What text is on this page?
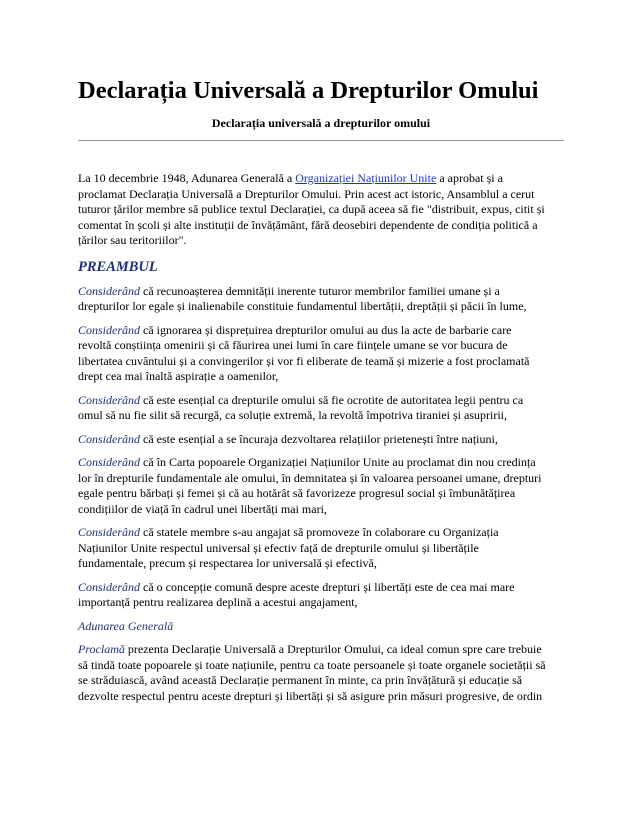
Declarația Universală a Drepturilor Omului
Declarația universală a drepturilor omului
La 10 decembrie 1948, Adunarea Generală a Organizației Națiunilor Unite a aprobat și a
proclamat Declarația Universală a Drepturilor Omului. Prin acest act istoric, Ansamblul a cerut
tuturor țărilor membre să publice textul Declarației, ca după aceea să fie "distribuit, expus, citit și
comentat în școli și alte instituții de învățământ, fără deosebiri dependente de condiția politică a
țărilor sau teritoriilor".
PREAMBUL
Considerând că recunoașterea demnității inerente tuturor membrilor familiei umane și a
drepturilor lor egale și inalienabile constituie fundamentul libertății, dreptății și păcii în lume,
Considerând că ignorarea și disprețuirea drepturilor omului au dus la acte de barbarie care
revoltă conștiința omenirii și că făurirea unei lumi în care ființele umane se vor bucura de
libertatea cuvântului și a convingerilor și vor fi eliberate de teamă și mizerie a fost proclamată
drept cea mai înaltă aspirație a oamenilor,
Considerând că este esențial ca drepturile omului să fie ocrotite de autoritatea legii pentru ca
omul să nu fie silit să recurgă, ca soluție extremă, la revoltă împotriva tiraniei și asupririi,
Considerând că este esențial a se încuraja dezvoltarea relațiilor prietenești între națiuni,
Considerând că în Carta popoarele Organizației Națiunilor Unite au proclamat din nou credința
lor în drepturile fundamentale ale omului, în demnitatea și în valoarea persoanei umane, drepturi
egale pentru bărbați și femei și că au hotărât să favorizeze progresul social și îmbunătățirea
condițiilor de viață în cadrul unei libertăți mai mari,
Considerând că statele membre s-au angajat să promoveze în colaborare cu Organizația
Națiunilor Unite respectul universal și efectiv față de drepturile omului și libertățile
fundamentale, precum și respectarea lor universală și efectivă,
Considerând că o concepție comună despre aceste drepturi și libertăți este de cea mai mare
importanță pentru realizarea deplină a acestui angajament,
Adunarea Generală
Proclamă prezenta Declarație Universală a Drepturilor Omului, ca ideal comun spre care trebuie
să tindă toate popoarele și toate națiunile, pentru ca toate persoanele și toate organele societății să
se străduiască, având această Declarație permanent în minte, ca prin învățătură și educație să
dezvolte respectul pentru aceste drepturi și libertăți și să asigure prin măsuri progresive, de ordin
